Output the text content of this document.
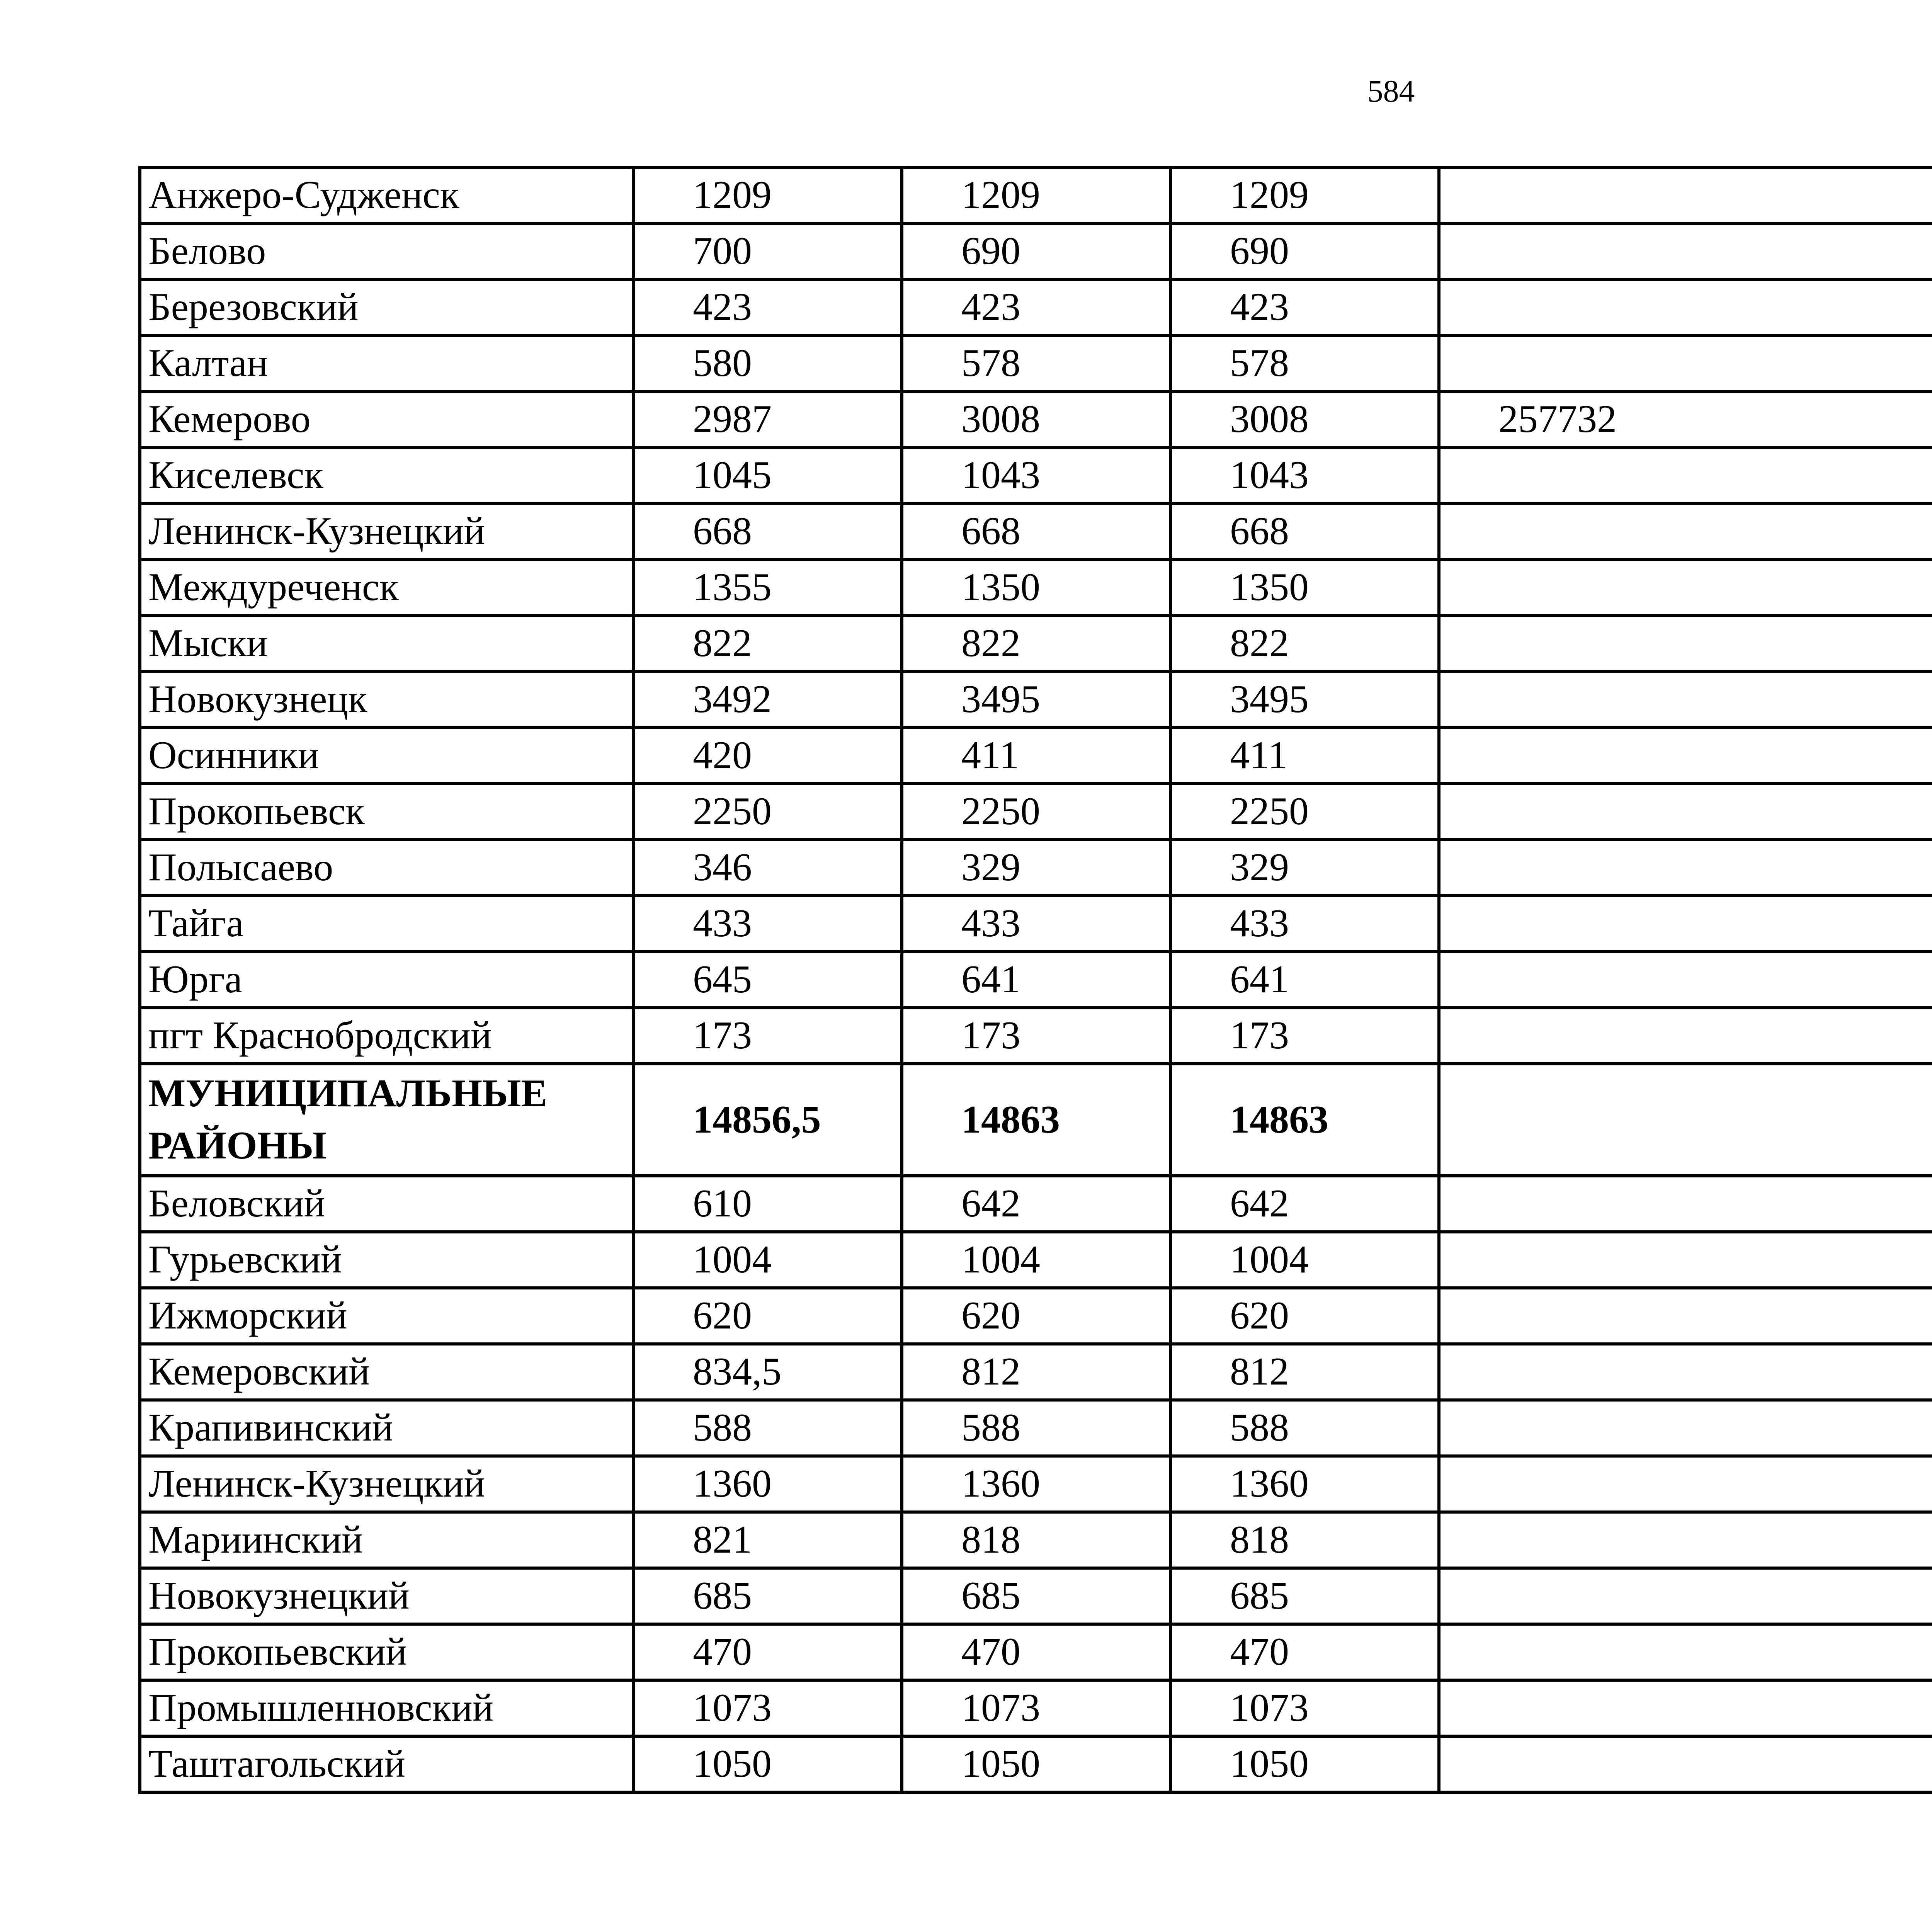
584
Анжеро-Судженск	1209	1209	1209	
Белово	700	690	690	
Березовский	423	423	423	
Калтан	580	578	578	
Кемерово	2987	3008	3008	257732
Киселевск	1045	1043	1043	
Ленинск-Кузнецкий	668	668	668	
Междуреченск	1355	1350	1350	
Мыски	822	822	822	
Новокузнецк	3492	3495	3495	
Осинники	420	411	411	
Прокопьевск	2250	2250	2250	
Полысаево	346	329	329	
Тайга	433	433	433	
Юрга	645	641	641	
пгт Краснобродский	173	173	173	
МУНИЦИПАЛЬНЫЕ РАЙОНЫ	14856,5	14863	14863	
Беловский	610	642	642	
Гурьевский	1004	1004	1004	
Ижморский	620	620	620	
Кемеровский	834,5	812	812	
Крапивинский	588	588	588	
Ленинск-Кузнецкий	1360	1360	1360	
Мариинский	821	818	818	
Новокузнецкий	685	685	685	
Прокопьевский	470	470	470	
Промышленновский	1073	1073	1073	
Таштагольский	1050	1050	1050	
